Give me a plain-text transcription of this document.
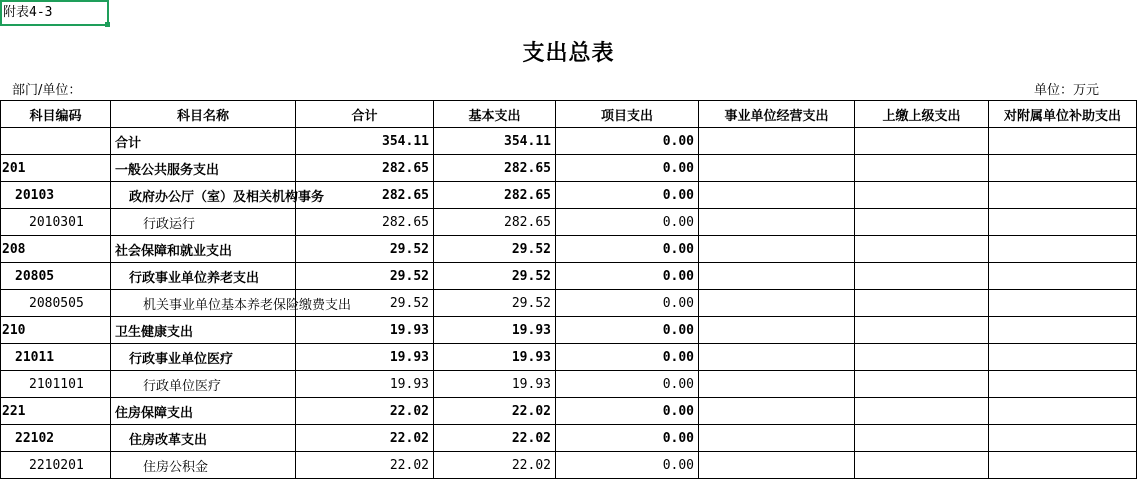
附表4-3
支出总表
部门/单位：	单位：万元
科目编码	科目名称	合计	基本支出	项目支出	事业单位经营支出	上缴上级支出	对附属单位补助支出
	合计	354.11	354.11	0.00			
201	一般公共服务支出	282.65	282.65	0.00			
20103	政府办公厅（室）及相关机构事务	282.65	282.65	0.00			
2010301	行政运行	282.65	282.65	0.00			
208	社会保障和就业支出	29.52	29.52	0.00			
20805	行政事业单位养老支出	29.52	29.52	0.00			
2080505	机关事业单位基本养老保险缴费支出	29.52	29.52	0.00			
210	卫生健康支出	19.93	19.93	0.00			
21011	行政事业单位医疗	19.93	19.93	0.00			
2101101	行政单位医疗	19.93	19.93	0.00			
221	住房保障支出	22.02	22.02	0.00			
22102	住房改革支出	22.02	22.02	0.00			
2210201	住房公积金	22.02	22.02	0.00			
